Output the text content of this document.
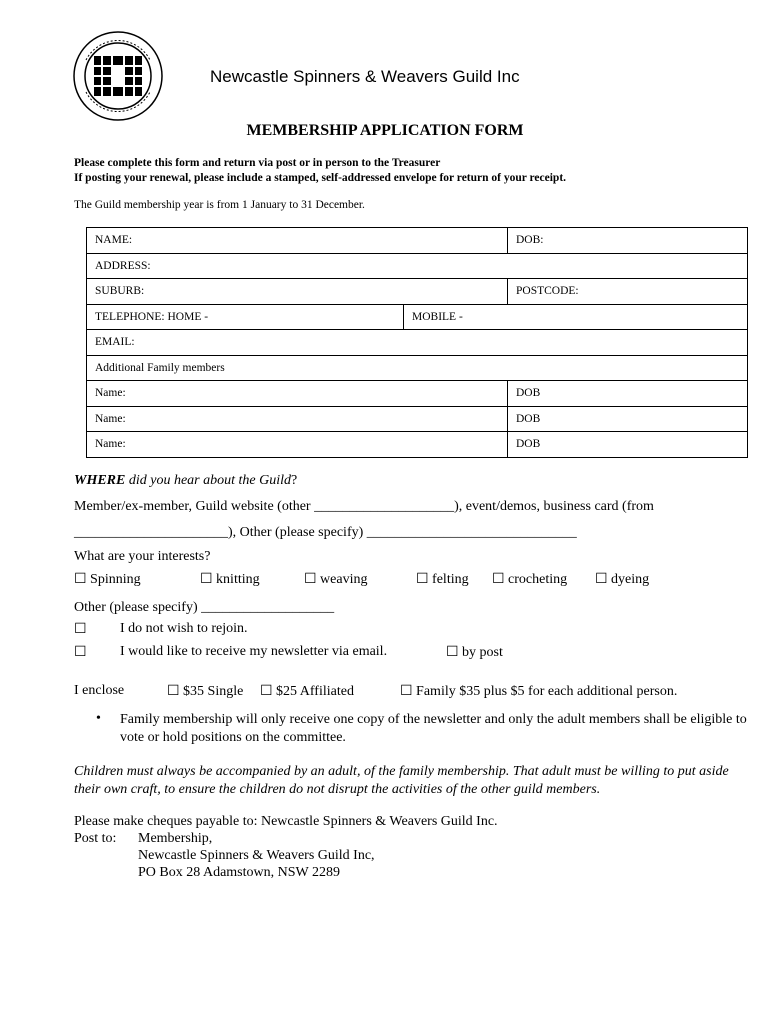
Newcastle Spinners & Weavers Guild Inc
MEMBERSHIP APPLICATION FORM
Please complete this form and return via post or in person to the Treasurer
If posting your renewal, please include a stamped, self-addressed envelope for return of your receipt.
The Guild membership year is from 1 January to 31 December.
NAME:		DOB:
ADDRESS:		
SUBURB:		POSTCODE:
TELEPHONE: HOME -	MOBILE -	
EMAIL:		
Additional Family members		
Name:		DOB
Name:		DOB
Name:		DOB
WHERE did you hear about the Guild?
Member/ex-member, Guild website (other ____________________), event/demos, business card (from
______________________), Other (please specify) ______________________________
What are your interests?
☐ Spinning	☐ knitting	☐ weaving	☐ felting ☐ crocheting ☐ dyeing
Other (please specify) ___________________
☐ I do not wish to rejoin.
☐ I would like to receive my newsletter via email.	☐ by post
I enclose	☐ $35 Single ☐ $25 Affiliated	☐ Family $35 plus $5 for each additional person.
• Family membership will only receive one copy of the newsletter and only the adult members shall be eligible to vote or hold positions on the committee.
Children must always be accompanied by an adult, of the family membership. That adult must be willing to put aside their own craft, to ensure the children do not disrupt the activities of the other guild members.
Please make cheques payable to: Newcastle Spinners & Weavers Guild Inc.
Post to: Membership,
Newcastle Spinners & Weavers Guild Inc,
PO Box 28 Adamstown, NSW 2289
